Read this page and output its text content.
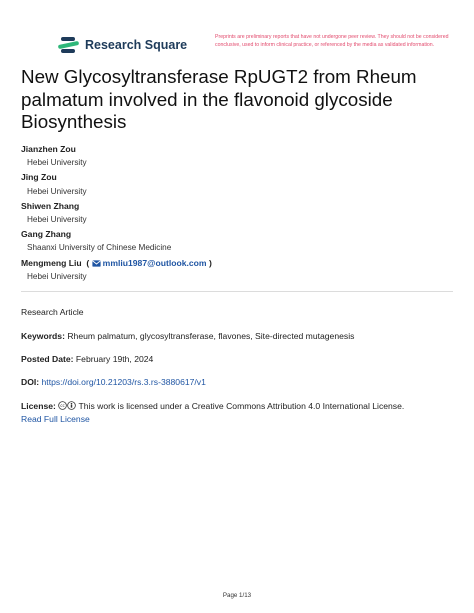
Research Square
Preprints are preliminary reports that have not undergone peer review. They should not be considered conclusive, used to inform clinical practice, or referenced by the media as validated information.
New Glycosyltransferase RpUGT2 from Rheum palmatum involved in the flavonoid glycoside Biosynthesis
Jianzhen Zou
Hebei University
Jing Zou
Hebei University
Shiwen Zhang
Hebei University
Gang Zhang
Shaanxi University of Chinese Medicine
Mengmeng Liu  ( mmliu1987@outlook.com )
Hebei University
Research Article
Keywords: Rheum palmatum, glycosyltransferase, flavones, Site-directed mutagenesis
Posted Date: February 19th, 2024
DOI: https://doi.org/10.21203/rs.3.rs-3880617/v1
License: cc This work is licensed under a Creative Commons Attribution 4.0 International License.
Read Full License
Page 1/13
